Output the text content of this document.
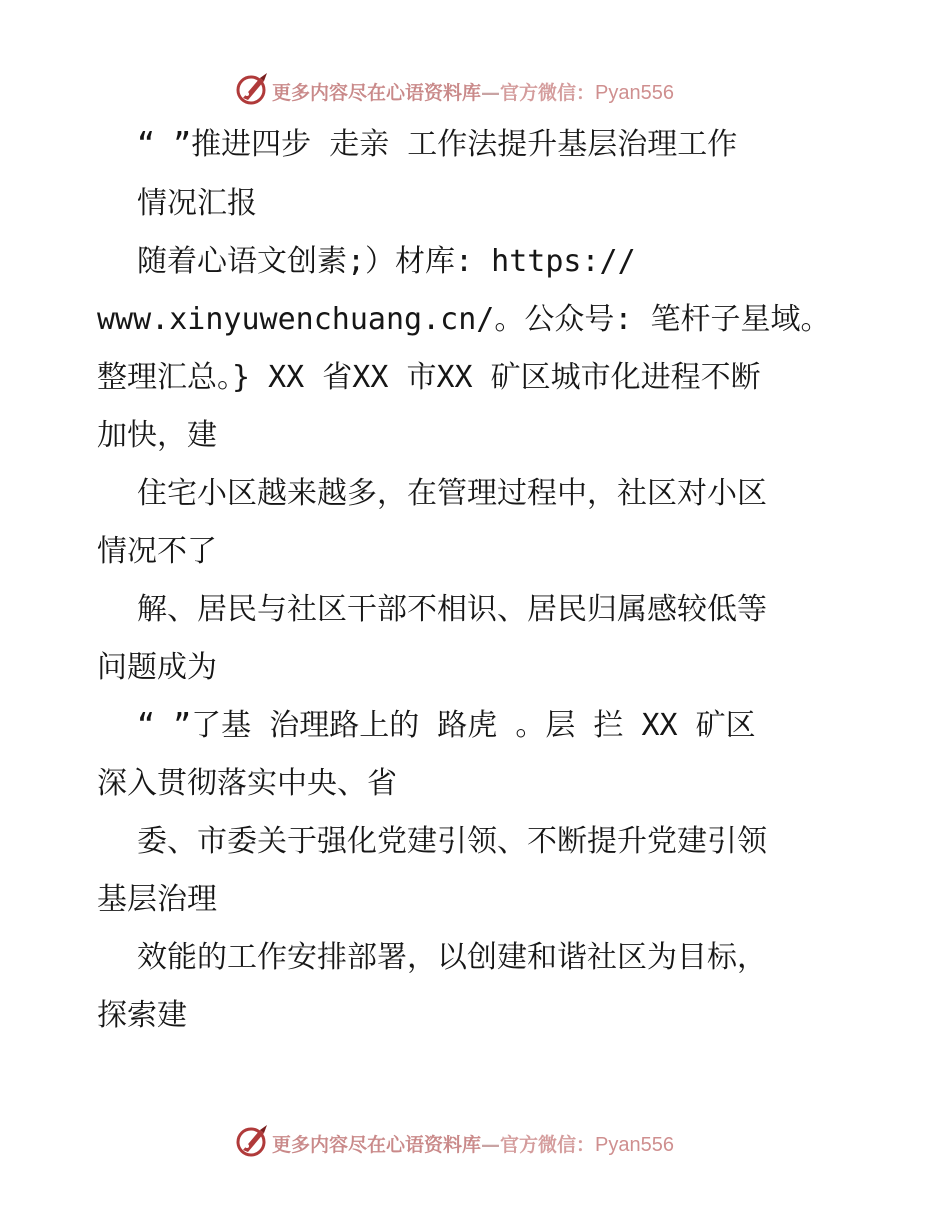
更多内容尽在心语资料库—官方微信：Pyan556
“ ”推进四步 走亲 工作法提升基层治理工作
情况汇报
随着心语文创素;）材库: https://
www.xinyuwenchuang.cn/。公众号: 笔杆子星域。
整理汇总。} XX 省XX 市XX 矿区城市化进程不断
加快，建
住宅小区越来越多，在管理过程中，社区对小区
情况不了
解、居民与社区干部不相识、居民归属感较低等
问题成为
“ ”了基 治理路上的 路虎 。层 拦 XX 矿区
深入贯彻落实中央、省
委、市委关于强化党建引领、不断提升党建引领
基层治理
效能的工作安排部署，以创建和谐社区为目标，
探索建
更多内容尽在心语资料库—官方微信：Pyan556
